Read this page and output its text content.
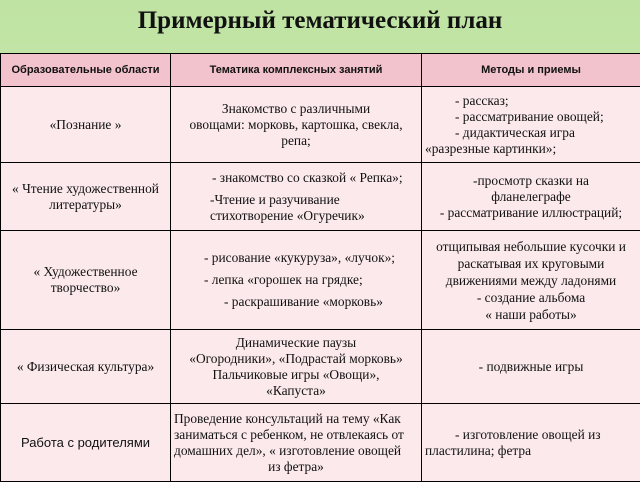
Примерный тематический план
Образовательные области	Тематика комплексных занятий	Методы и приемы
«Познание »	Знакомство с различными
овощами: морковь, картошка, свекла,
репа;	- рассказ;
- рассматривание овощей;
- дидактическая игра
«разрезные картинки»;

« Чтение художественной литературы»	- знакомство со сказкой « Репка»;
-Чтение и разучивание
стихотворение «Огуречик»	-просмотр сказки на
фланелеграфе
- рассматривание иллюстраций;

« Художественное творчество»	- рисование «кукуруза», «лучок»;
- лепка «горошек на грядке;
- раскрашивание «морковь»	отщипывая небольшие кусочки и
раскатывая их круговыми
движениями между ладонями
- создание альбома
« наши работы»

« Физическая культура»	Динамические паузы
«Огородники», «Подрастай морковь»
Пальчиковые игры «Овощи»,
«Капуста»	- подвижные игры
Работа с родителями	Проведение консультаций на тему «Как
заниматься с ребенком, не отвлекаясь от
домашних дел», « изготовление овощей
из фетра»	- изготовление овощей из
пластилина; фетра
